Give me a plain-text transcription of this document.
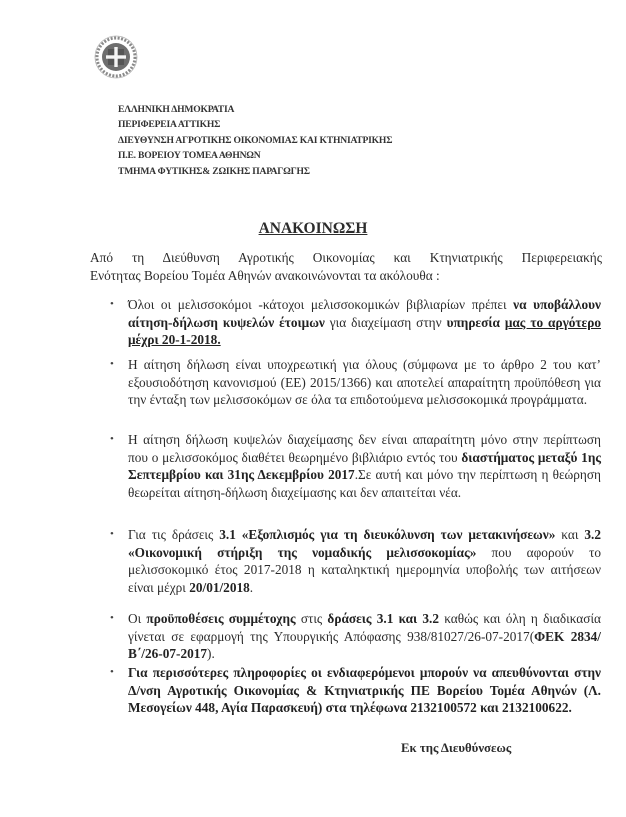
ΕΛΛΗΝΙΚΗ ΔΗΜΟΚΡΑΤΙΑ
ΠΕΡΙΦΕΡΕΙΑ ΑΤΤΙΚΗΣ
ΔΙΕΥΘΥΝΣΗ ΑΓΡΟΤΙΚΗΣ ΟΙΚΟΝΟΜΙΑΣ ΚΑΙ ΚΤΗΝΙΑΤΡΙΚΗΣ
Π.Ε. ΒΟΡΕΙΟΥ ΤΟΜΕΑ ΑΘΗΝΩΝ
ΤΜΗΜΑ ΦΥΤΙΚΗΣ& ΖΩΙΚΗΣ ΠΑΡΑΓΩΓΗΣ
ΑΝΑΚΟΙΝΩΣΗ
Από τη Διεύθυνση Αγροτικής Οικονομίας και Κτηνιατρικής Περιφερειακής
Ενότητας Βορείου Τομέα Αθηνών ανακοινώνονται τα ακόλουθα :
• Όλοι οι μελισσοκόμοι -κάτοχοι μελισσοκομικών βιβλιαρίων πρέπει να υποβάλλουν αίτηση-δήλωση κυψελών έτοιμων για διαχείμαση στην υπηρεσία μας το αργότερο μέχρι 20-1-2018.

• Η αίτηση δήλωση είναι υποχρεωτική για όλους (σύμφωνα με το άρθρο 2 του κατ’ εξουσιοδότηση κανονισμού (ΕΕ) 2015/1366) και αποτελεί απαραίτητη προϋπόθεση για την ένταξη των μελισσοκόμων σε όλα τα επιδοτούμενα μελισσοκομικά προγράμματα.

• Η αίτηση δήλωση κυψελών διαχείμασης δεν είναι απαραίτητη μόνο στην περίπτωση που ο μελισσοκόμος διαθέτει θεωρημένο βιβλιάριο εντός του διαστήματος μεταξύ 1ης Σεπτεμβρίου και 31ης Δεκεμβρίου 2017.Σε αυτή και μόνο την περίπτωση η θεώρηση θεωρείται αίτηση-δήλωση διαχείμασης και δεν απαιτείται νέα.

• Για τις δράσεις 3.1 «Εξοπλισμός για τη διευκόλυνση των μετακινήσεων» και 3.2 «Οικονομική στήριξη της νομαδικής μελισσοκομίας» που αφορούν το μελισσοκομικό έτος 2017-2018 η καταληκτική ημερομηνία υποβολής των αιτήσεων είναι μέχρι 20/01/2018.

• Οι προϋποθέσεις συμμέτοχης στις δράσεις 3.1 και 3.2 καθώς και όλη η διαδικασία γίνεται σε εφαρμογή της Υπουργικής Απόφασης 938/81027/26-07-2017(ΦΕΚ 2834/Β΄/26-07-2017).

• Για περισσότερες πληροφορίες οι ενδιαφερόμενοι μπορούν να απευθύνονται στην Δ/νση Αγροτικής Οικονομίας & Κτηνιατρικής ΠΕ Βορείου Τομέα Αθηνών (Λ. Μεσογείων 448, Αγία Παρασκευή) στα τηλέφωνα 2132100572 και 2132100622.

Εκ της Διευθύνσεως
